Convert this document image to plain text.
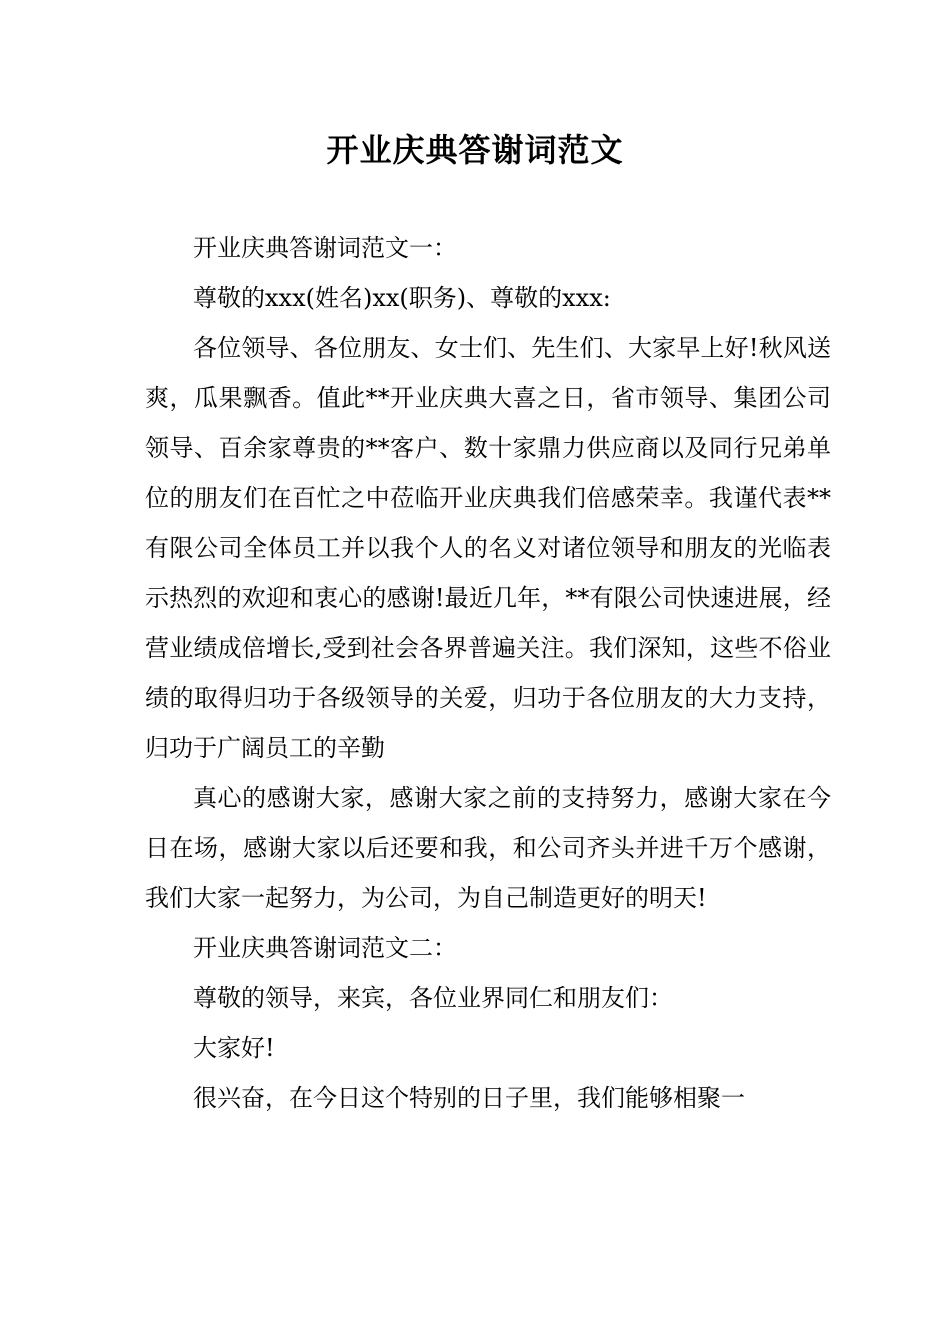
开业庆典答谢词范文

开业庆典答谢词范文一：

尊敬的xxx(姓名)xx(职务)、尊敬的xxx:

各位领导、各位朋友、女士们、先生们、大家早上好!秋风送爽，瓜果飘香。值此**开业庆典大喜之日，省市领导、集团公司领导、百余家尊贵的**客户、数十家鼎力供应商以及同行兄弟单位的朋友们在百忙之中莅临开业庆典我们倍感荣幸。我谨代表**有限公司全体员工并以我个人的名义对诸位领导和朋友的光临表示热烈的欢迎和衷心的感谢!最近几年，**有限公司快速进展，经营业绩成倍增长,受到社会各界普遍关注。我们深知，这些不俗业绩的取得归功于各级领导的关爱，归功于各位朋友的大力支持，归功于广阔员工的辛勤

真心的感谢大家，感谢大家之前的支持努力，感谢大家在今日在场，感谢大家以后还要和我，和公司齐头并进千万个感谢，我们大家一起努力，为公司，为自己制造更好的明天!

开业庆典答谢词范文二：

尊敬的领导，来宾，各位业界同仁和朋友们：

大家好!

很兴奋，在今日这个特别的日子里，我们能够相聚一
